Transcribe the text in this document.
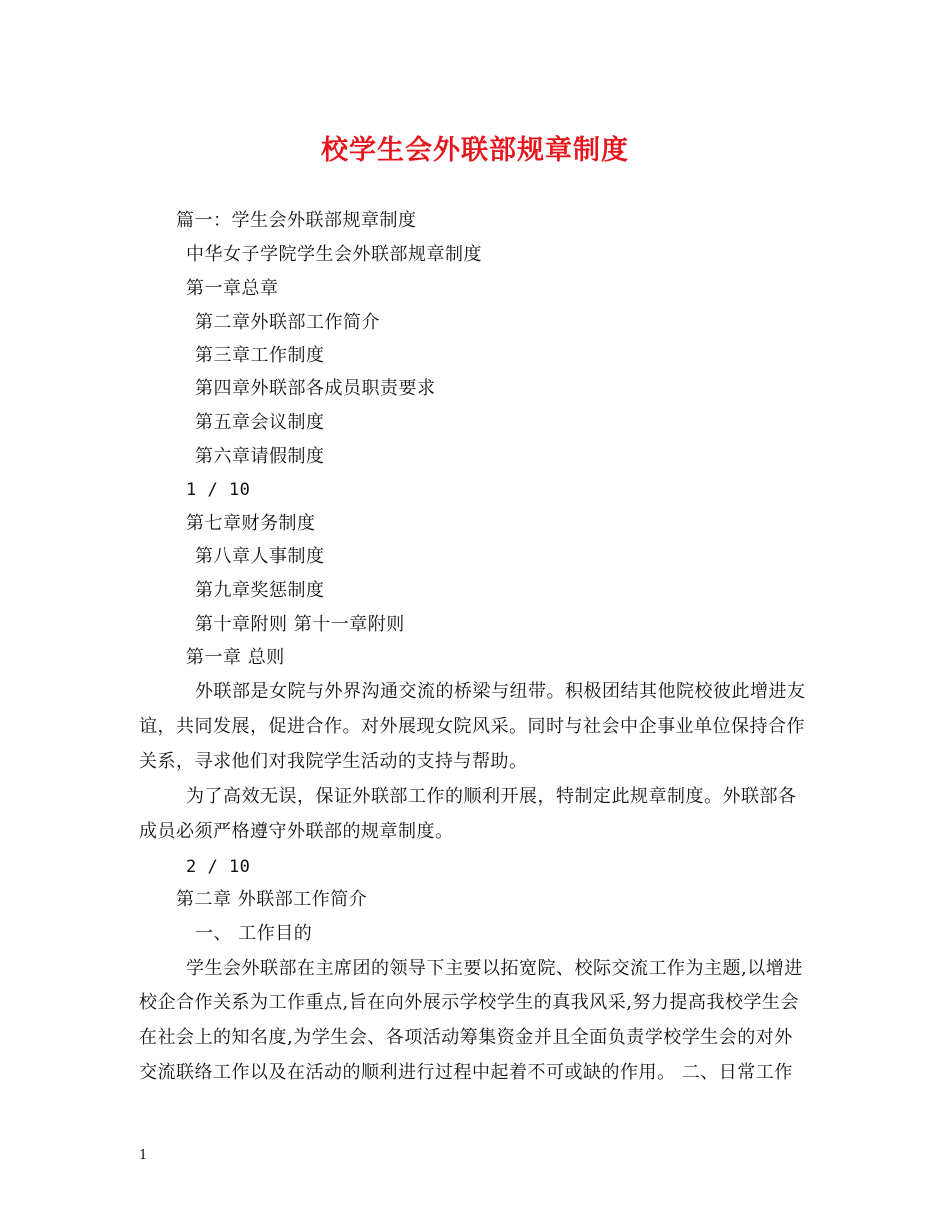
校学生会外联部规章制度
篇一：学生会外联部规章制度
中华女子学院学生会外联部规章制度
第一章总章
第二章外联部工作简介
第三章工作制度
第四章外联部各成员职责要求
第五章会议制度
第六章请假制度
1 / 10
第七章财务制度
第八章人事制度
第九章奖惩制度
第十章附则 第十一章附则
第一章 总则
外联部是女院与外界沟通交流的桥梁与纽带。积极团结其他院校彼此增进友
谊，共同发展，促进合作。对外展现女院风采。同时与社会中企事业单位保持合作
关系，寻求他们对我院学生活动的支持与帮助。
为了高效无误，保证外联部工作的顺利开展，特制定此规章制度。外联部各
成员必须严格遵守外联部的规章制度。
2 / 10
第二章 外联部工作简介
一、 工作目的
学生会外联部在主席团的领导下主要以拓宽院、校际交流工作为主题,以增进
校企合作关系为工作重点,旨在向外展示学校学生的真我风采,努力提高我校学生会
在社会上的知名度,为学生会、各项活动筹集资金并且全面负责学校学生会的对外
交流联络工作以及在活动的顺利进行过程中起着不可或缺的作用。 二、日常工作
1
